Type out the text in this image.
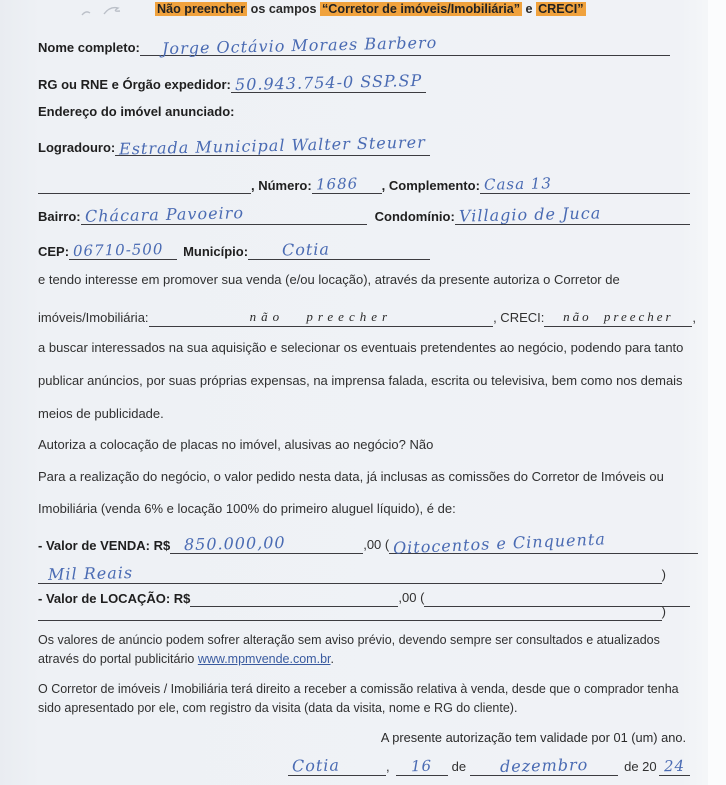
Não preencher os campos “Corretor de imóveis/Imobiliária” e CRECI”
Nome completo:	Jorge Octávio Moraes Barbero
RG ou RNE e Órgão expedidor: 50.943.754-0 SSP.SP
Endereço do imóvel anunciado:
Logradouro: Estrada Municipal Walter Steurer
, Número: 1686	, Complemento: Casa 13
Bairro: Chácara Pavoeiro	Condomínio: Villagio de Juca
CEP: 06710-500	Município:	Cotia
e tendo interesse em promover sua venda (e/ou locação), através da presente autoriza o Corretor de
imóveis/Imobiliária:	não preecher	, CRECI:	não preecher	,
a buscar interessados na sua aquisição e selecionar os eventuais pretendentes ao negócio, podendo para tanto
publicar anúncios, por suas próprias expensas, na imprensa falada, escrita ou televisiva, bem como nos demais
meios de publicidade.
Autoriza a colocação de placas no imóvel, alusivas ao negócio? Não
Para a realização do negócio, o valor pedido nesta data, já inclusas as comissões do Corretor de Imóveis ou
Imobiliária (venda 6% e locação 100% do primeiro aluguel líquido), é de:
- Valor de VENDA: R$ 850.000,00	,00 ( Oitocentos e Cinquenta
Mil Reais	)
- Valor de LOCAÇÃO: R$	,00 (
)
Os valores de anúncio podem sofrer alteração sem aviso prévio, devendo sempre ser consultados e atualizados através do portal publicitário www.mpmvende.com.br.
O Corretor de imóveis / Imobiliária terá direito a receber a comissão relativa à venda, desde que o comprador tenha sido apresentado por ele, com registro da visita (data da visita, nome e RG do cliente).
A presente autorização tem validade por 01 (um) ano.
Cotia	,	16	de	dezembro	de 20 24
